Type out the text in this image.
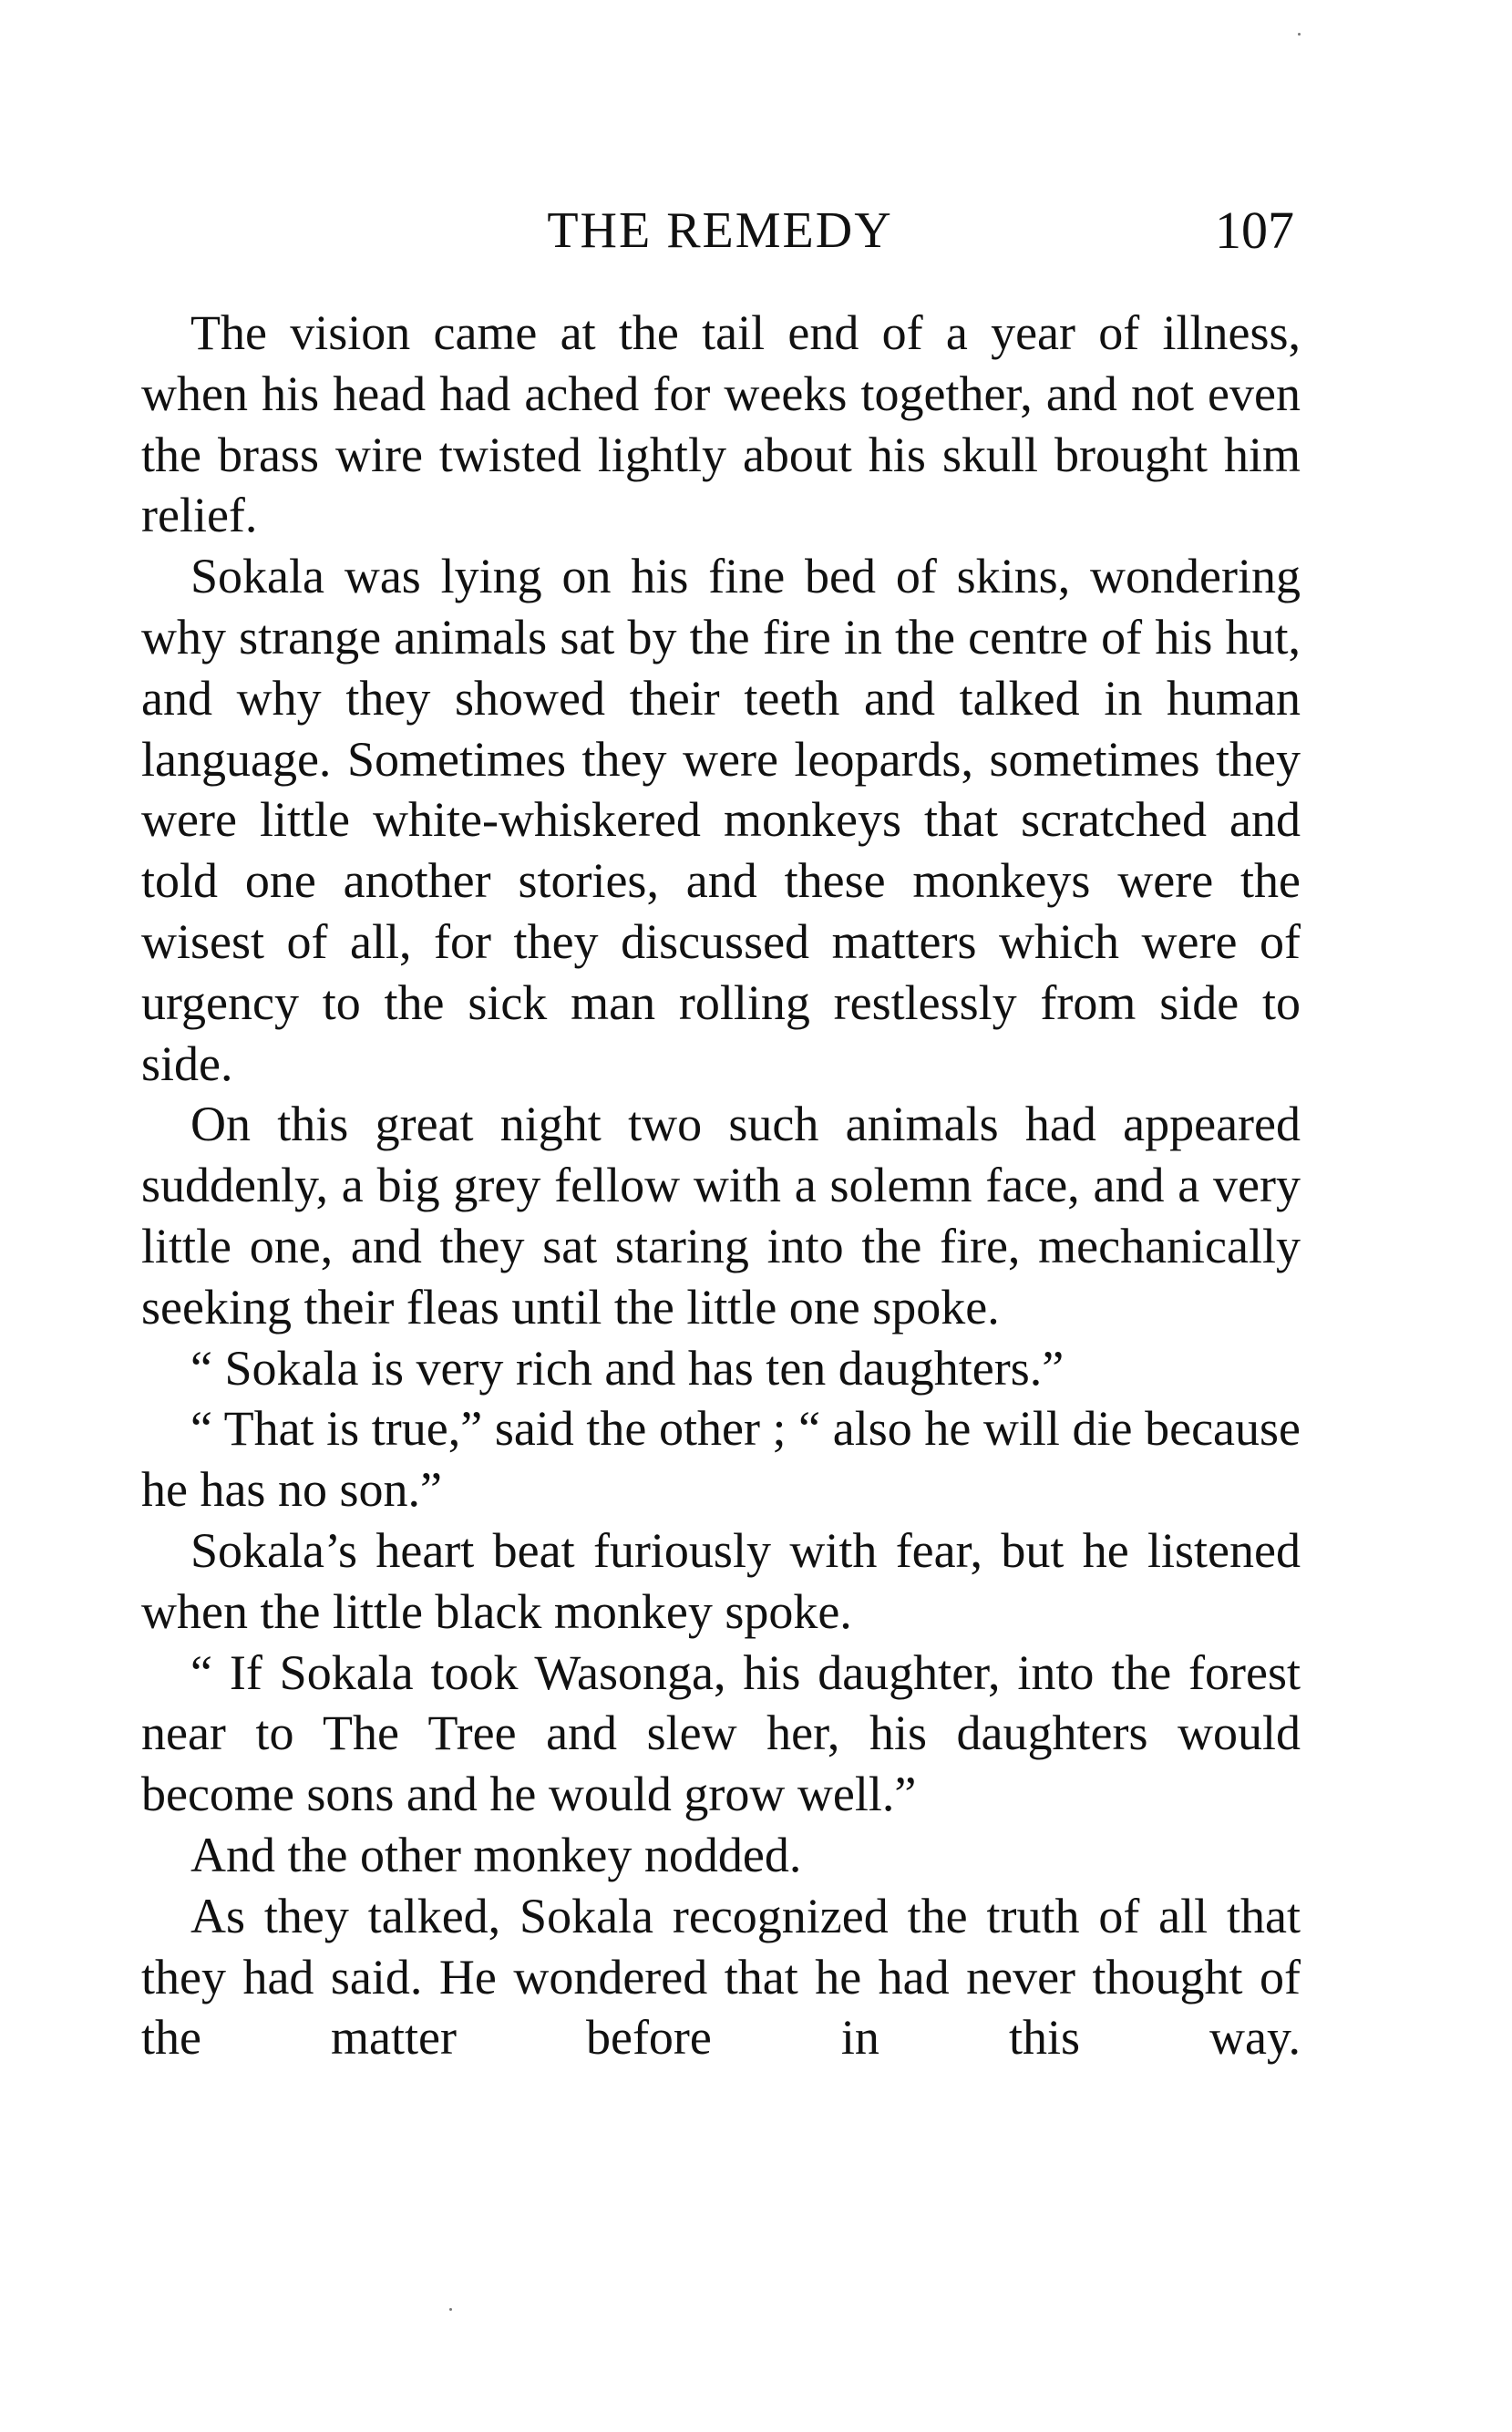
THE REMEDY	107

The vision came at the tail end of a year of illness, when his head had ached for weeks together, and not even the brass wire twisted lightly about his skull brought him relief.

Sokala was lying on his fine bed of skins, wondering why strange animals sat by the fire in the centre of his hut, and why they showed their teeth and talked in human language. Sometimes they were leopards, sometimes they were little white-whiskered monkeys that scratched and told one another stories, and these monkeys were the wisest of all, for they discussed matters which were of urgency to the sick man rolling restlessly from side to side.

On this great night two such animals had appeared suddenly, a big grey fellow with a solemn face, and a very little one, and they sat staring into the fire, mechanically seeking their fleas until the little one spoke.

“ Sokala is very rich and has ten daughters.”

“ That is true,” said the other ; “ also he will die because he has no son.”

Sokala’s heart beat furiously with fear, but he listened when the little black monkey spoke.

“ If Sokala took Wasonga, his daughter, into the forest near to The Tree and slew her, his daughters would become sons and he would grow well.”

And the other monkey nodded.

As they talked, Sokala recognized the truth of all that they had said. He wondered that he had never thought of the matter before in this way.
